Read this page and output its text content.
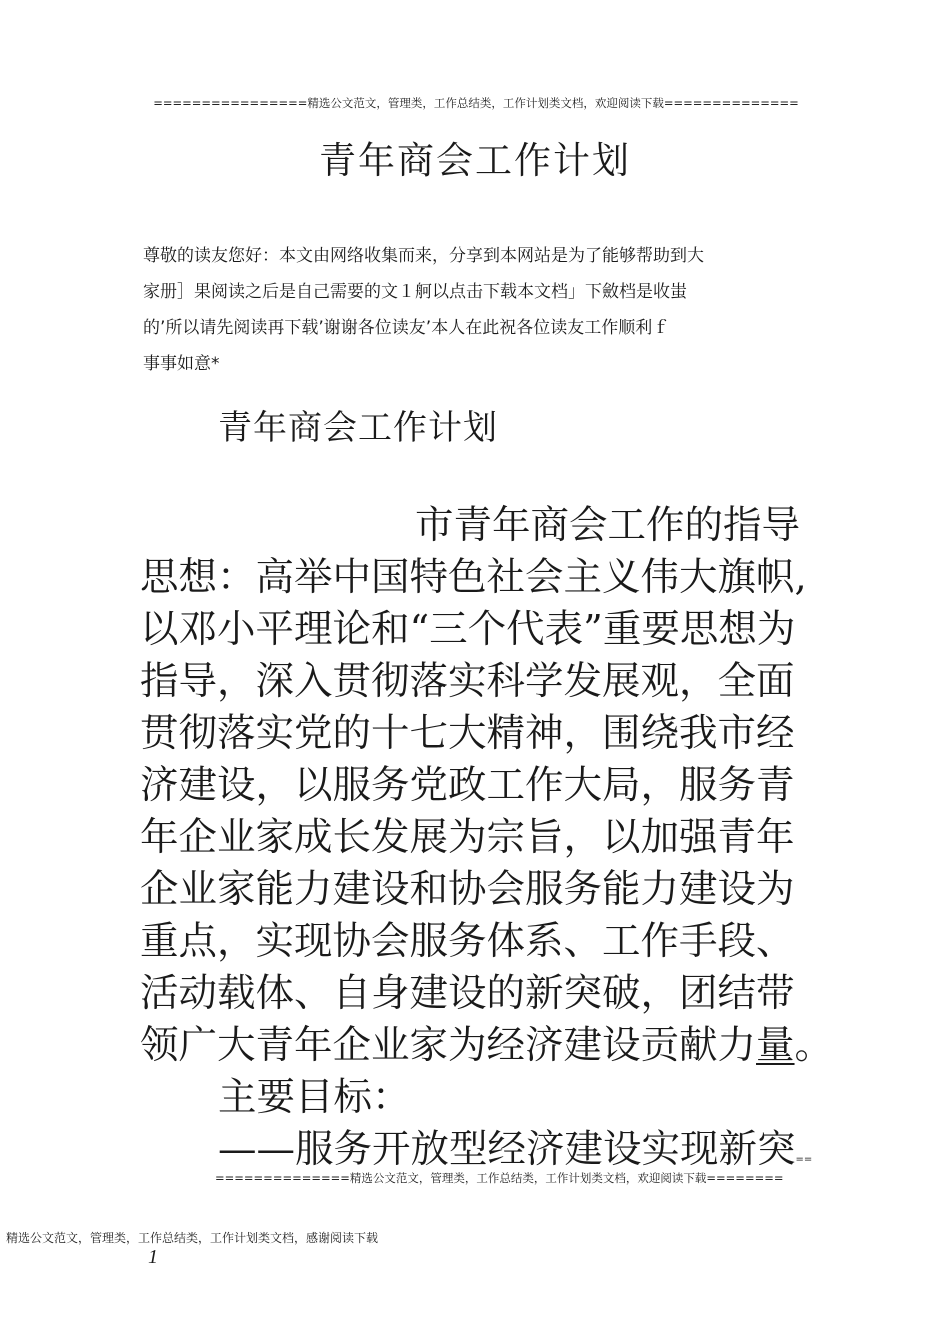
================精选公文范文，管理类，工作总结类，工作计划类文档，欢迎阅读下载==============
青年商会工作计划
尊敬的读友您好：本文由网络收集而来，分享到本网站是为了能够帮助到大
家册］果阅读之后是自己需要的文１舸以点击下载本文档」下斂档是收蚩
的’所以请先阅读再下载’谢谢各位读友’本人在此祝各位读友工作顺利ｆ
事事如意*
青年商会工作计划
市青年商会工作的指导
思想：高举中国特色社会主义伟大旗帜,
以邓小平理论和“三个代表”重要思想为
指导，深入贯彻落实科学发展观，全面
贯彻落实党的十七大精神，围绕我市经
济建设，以服务党政工作大局，服务青
年企业家成长发展为宗旨，以加强青年
企业家能力建设和协会服务能力建设为
重点，实现协会服务体系、工作手段、
活动载体、自身建设的新突破，团结带
领广大青年企业家为经济建设贡献力量。
主要目标：
——服务开放型经济建设实现新突==
==============精选公文范文，管理类，工作总结类，工作计划类文档，欢迎阅读下载========
精选公文范文，管理类，工作总结类，工作计划类文档，感谢阅读下载
1
